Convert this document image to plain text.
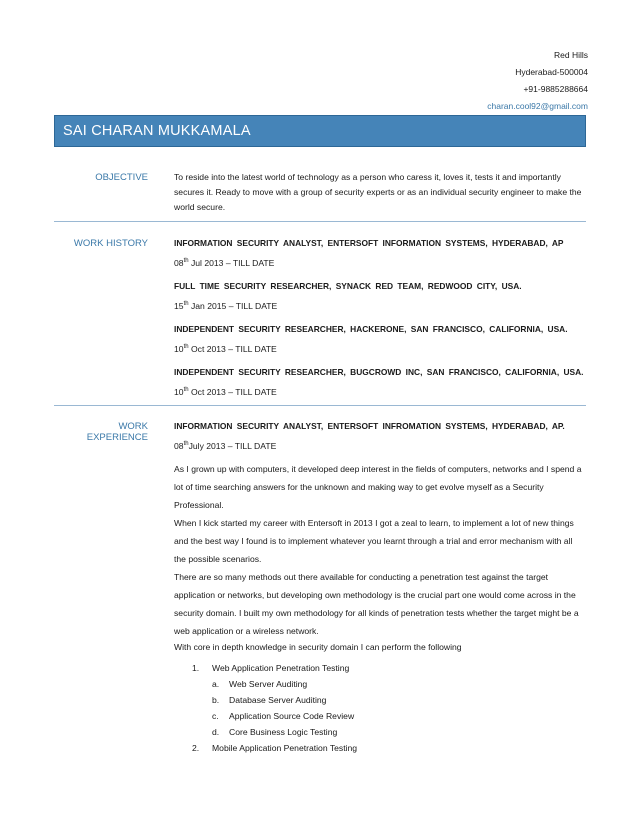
Red Hills
Hyderabad-500004
+91-9885288664
charan.cool92@gmail.com
SAI CHARAN MUKKAMALA
OBJECTIVE	To reside into the latest world of technology as a person who caress it, loves it, tests it and importantly secures it. Ready to move with a group of security experts or as an individual security engineer to make the world secure.
WORK HISTORY	INFORMATION SECURITY ANALYST, ENTERSOFT INFORMATION SYSTEMS, HYDERABAD, AP
08th Jul 2013 – TILL DATE
FULL TIME SECURITY RESEARCHER, SYNACK RED TEAM, REDWOOD CITY, USA.
15th Jan 2015 – TILL DATE
INDEPENDENT SECURITY RESEARCHER, HACKERONE, SAN FRANCISCO, CALIFORNIA, USA.
10th Oct 2013 – TILL DATE
INDEPENDENT SECURITY RESEARCHER, BUGCROWD INC, SAN FRANCISCO, CALIFORNIA, USA.
10th Oct 2013 – TILL DATE
WORK EXPERIENCE
INFORMATION SECURITY ANALYST, ENTERSOFT INFROMATION SYSTEMS, HYDERABAD, AP.
08thJuly 2013 – TILL DATE

As I grown up with computers, it developed deep interest in the fields of computers, networks and I spend a lot of time searching answers for the unknown and making way to get evolve myself as a Security Professional.

When I kick started my career with Entersoft in 2013 I got a zeal to learn, to implement a lot of new things and the best way I found is to implement whatever you learnt through a trial and error mechanism with all the possible scenarios.

There are so many methods out there available for conducting a penetration test against the target application or networks, but developing own methodology is the crucial part one would come across in the security domain. I built my own methodology for all kinds of penetration tests whether the target might be a web application or a wireless network.

With core in depth knowledge in security domain I can perform the following

1. Web Application Penetration Testing
a. Web Server Auditing
b. Database Server Auditing
c. Application Source Code Review
d. Core Business Logic Testing
2. Mobile Application Penetration Testing
